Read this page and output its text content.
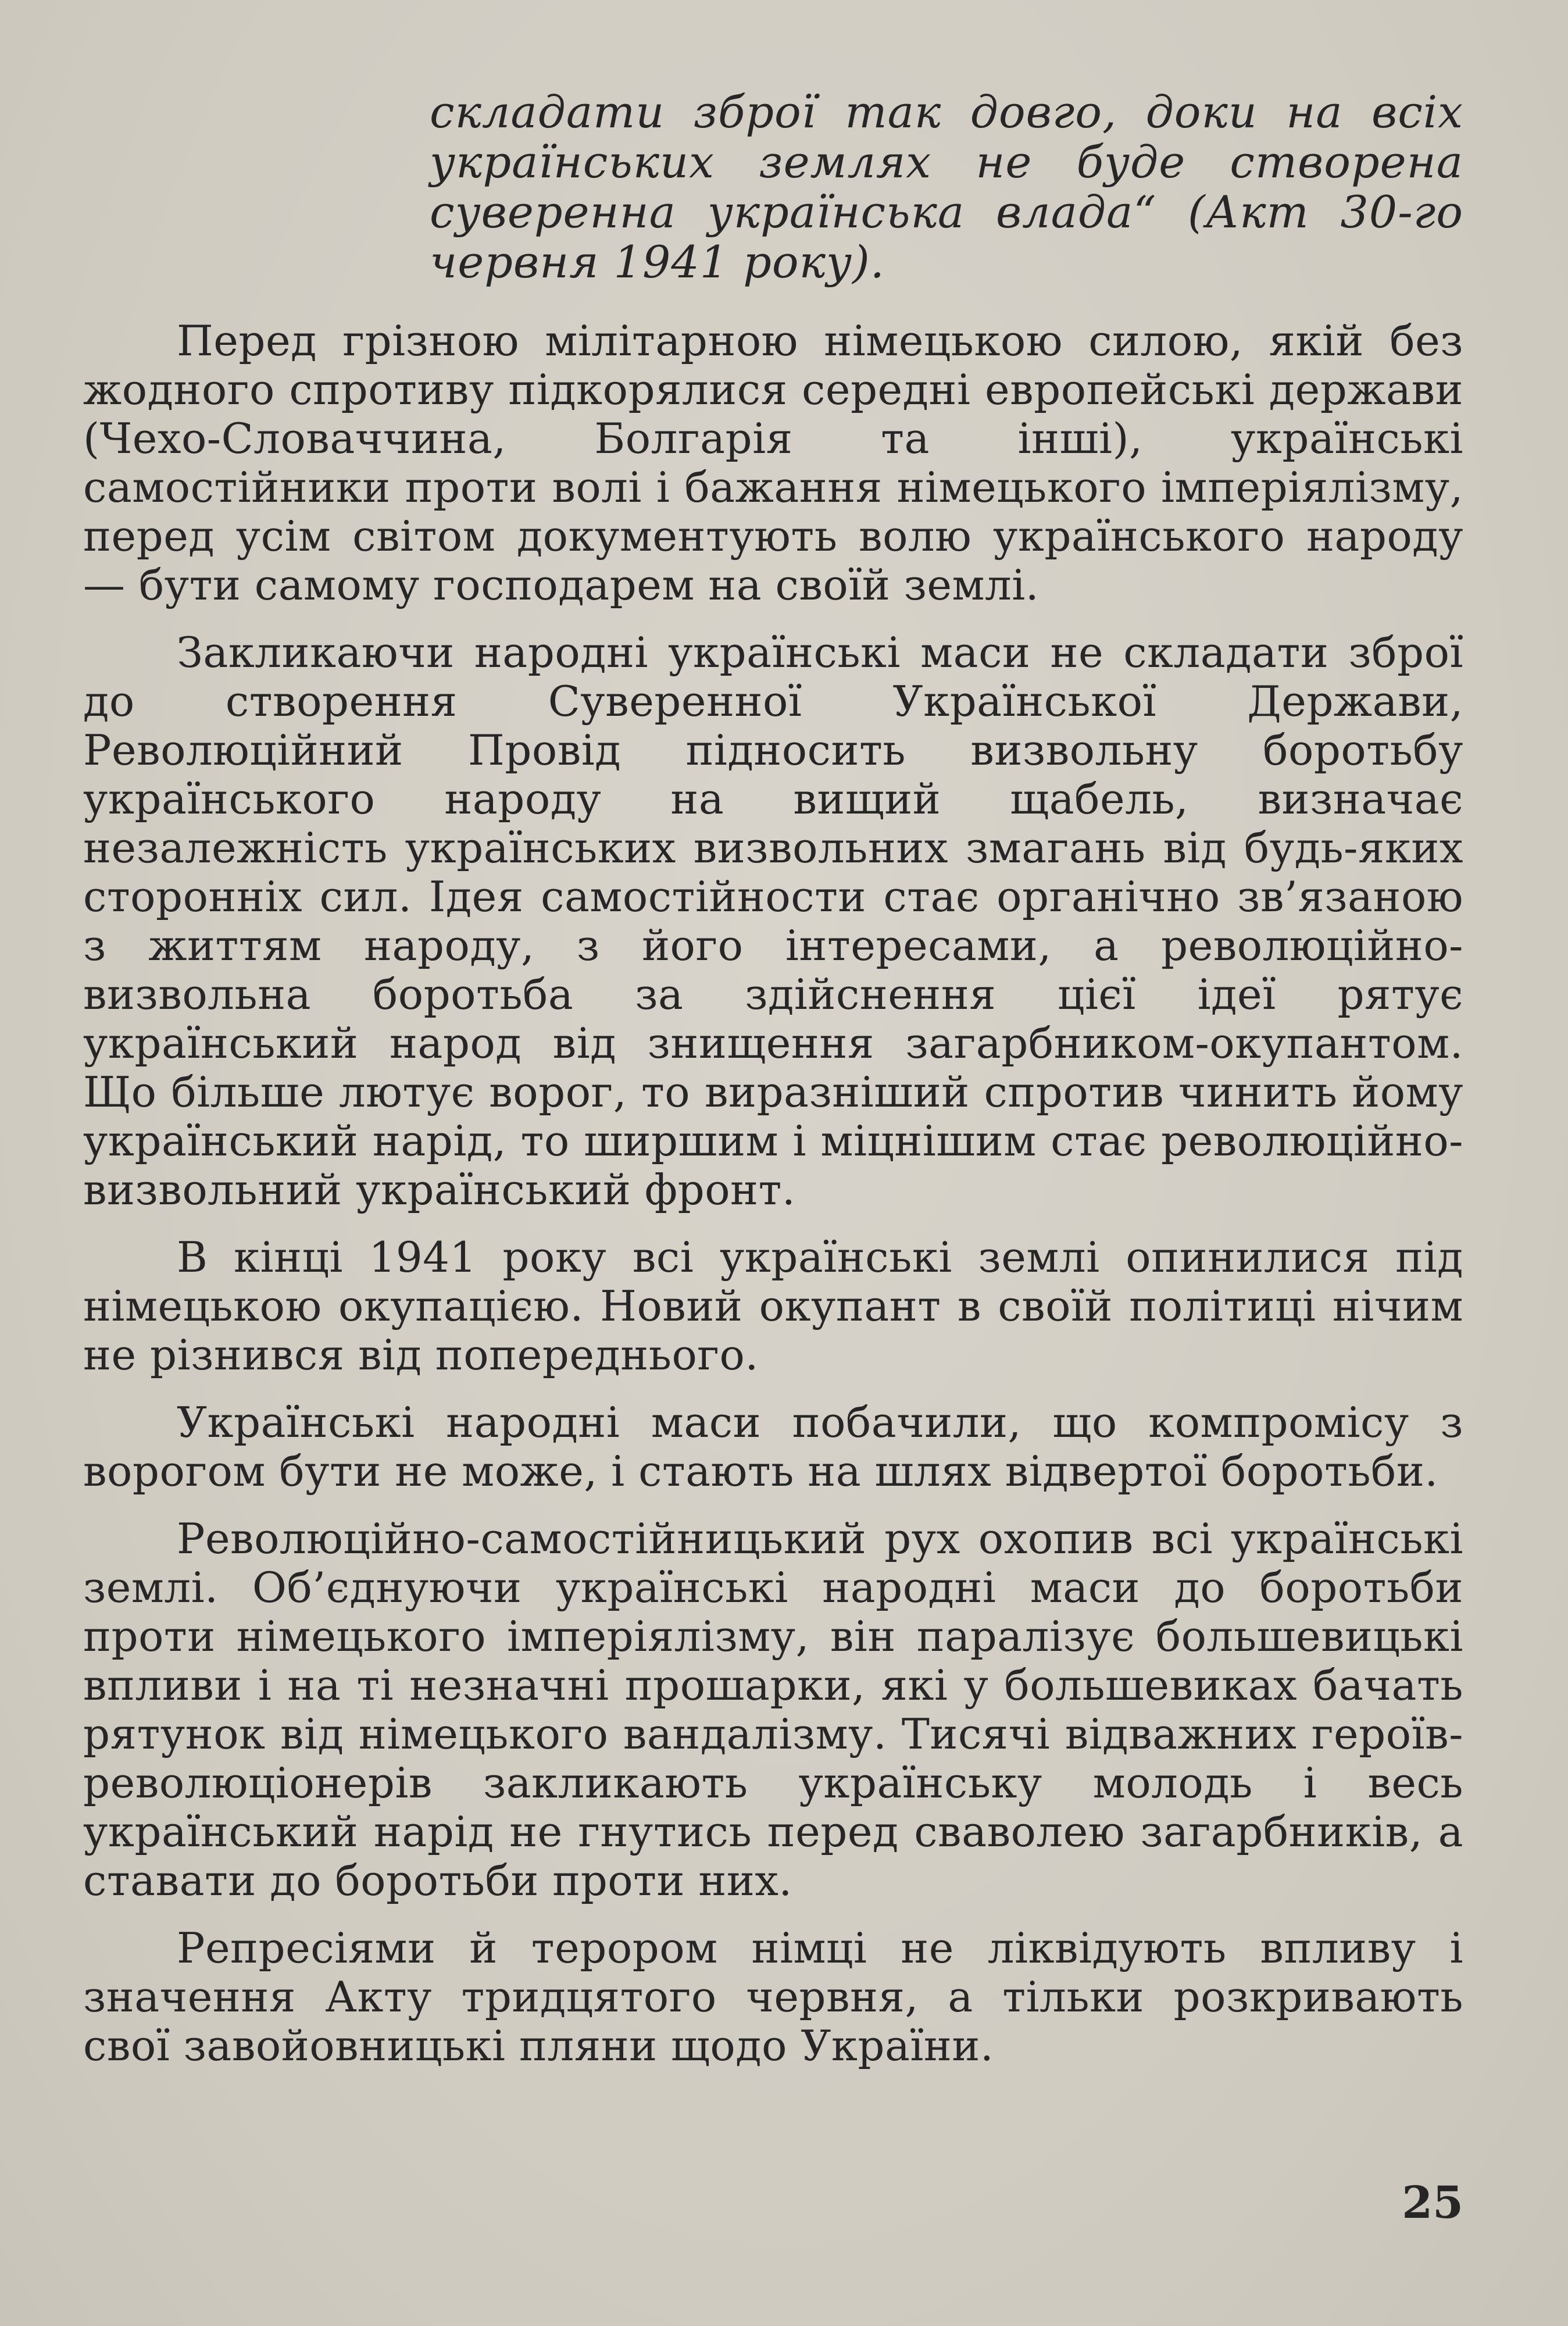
складати зброї так довго, доки на всіх українських землях не буде створена суверенна українська влада“ (Акт 30-го червня 1941 року).

Перед грізною мілітарною німецькою силою, якій без жодного спротиву підкорялися середні европейські держави (Чехо-Словаччина, Болгарія та інші), українські самостійники проти волі і бажання німецького імперіялізму, перед усім світом документують волю українського народу — бути самому господарем на своїй землі.

Закликаючи народні українські маси не складати зброї до створення Суверенної Української Держави, Революційний Провід підносить визвольну боротьбу українського народу на вищий щабель, визначає незалежність українських визвольних змагань від будь-яких сторонніх сил. Ідея самостійности стає органічно зв’язаною з життям народу, з його інтересами, а революційно-визвольна боротьба за здійснення цієї ідеї рятує український народ від знищення загарбником-окупантом. Що більше лютує ворог, то виразніший спротив чинить йому український нарід, то ширшим і міцнішим стає революційно-визвольний український фронт.

В кінці 1941 року всі українські землі опинилися під німецькою окупацією. Новий окупант в своїй політиці нічим не різнився від попереднього.

Українські народні маси побачили, що компромісу з ворогом бути не може, і стають на шлях відвертої боротьби.

Революційно-самостійницький рух охопив всі українські землі. Об’єднуючи українські народні маси до боротьби проти німецького імперіялізму, він паралізує большевицькі впливи і на ті незначні прошарки, які у большевиках бачать рятунок від німецького вандалізму. Тисячі відважних героїв-революціонерів закликають українську молодь і весь український нарід не гнутись перед сваволею загарбників, а ставати до боротьби проти них.

Репресіями й терором німці не ліквідують впливу і значення Акту тридцятого червня, а тільки розкривають свої завойовницькі пляни щодо України.

25
